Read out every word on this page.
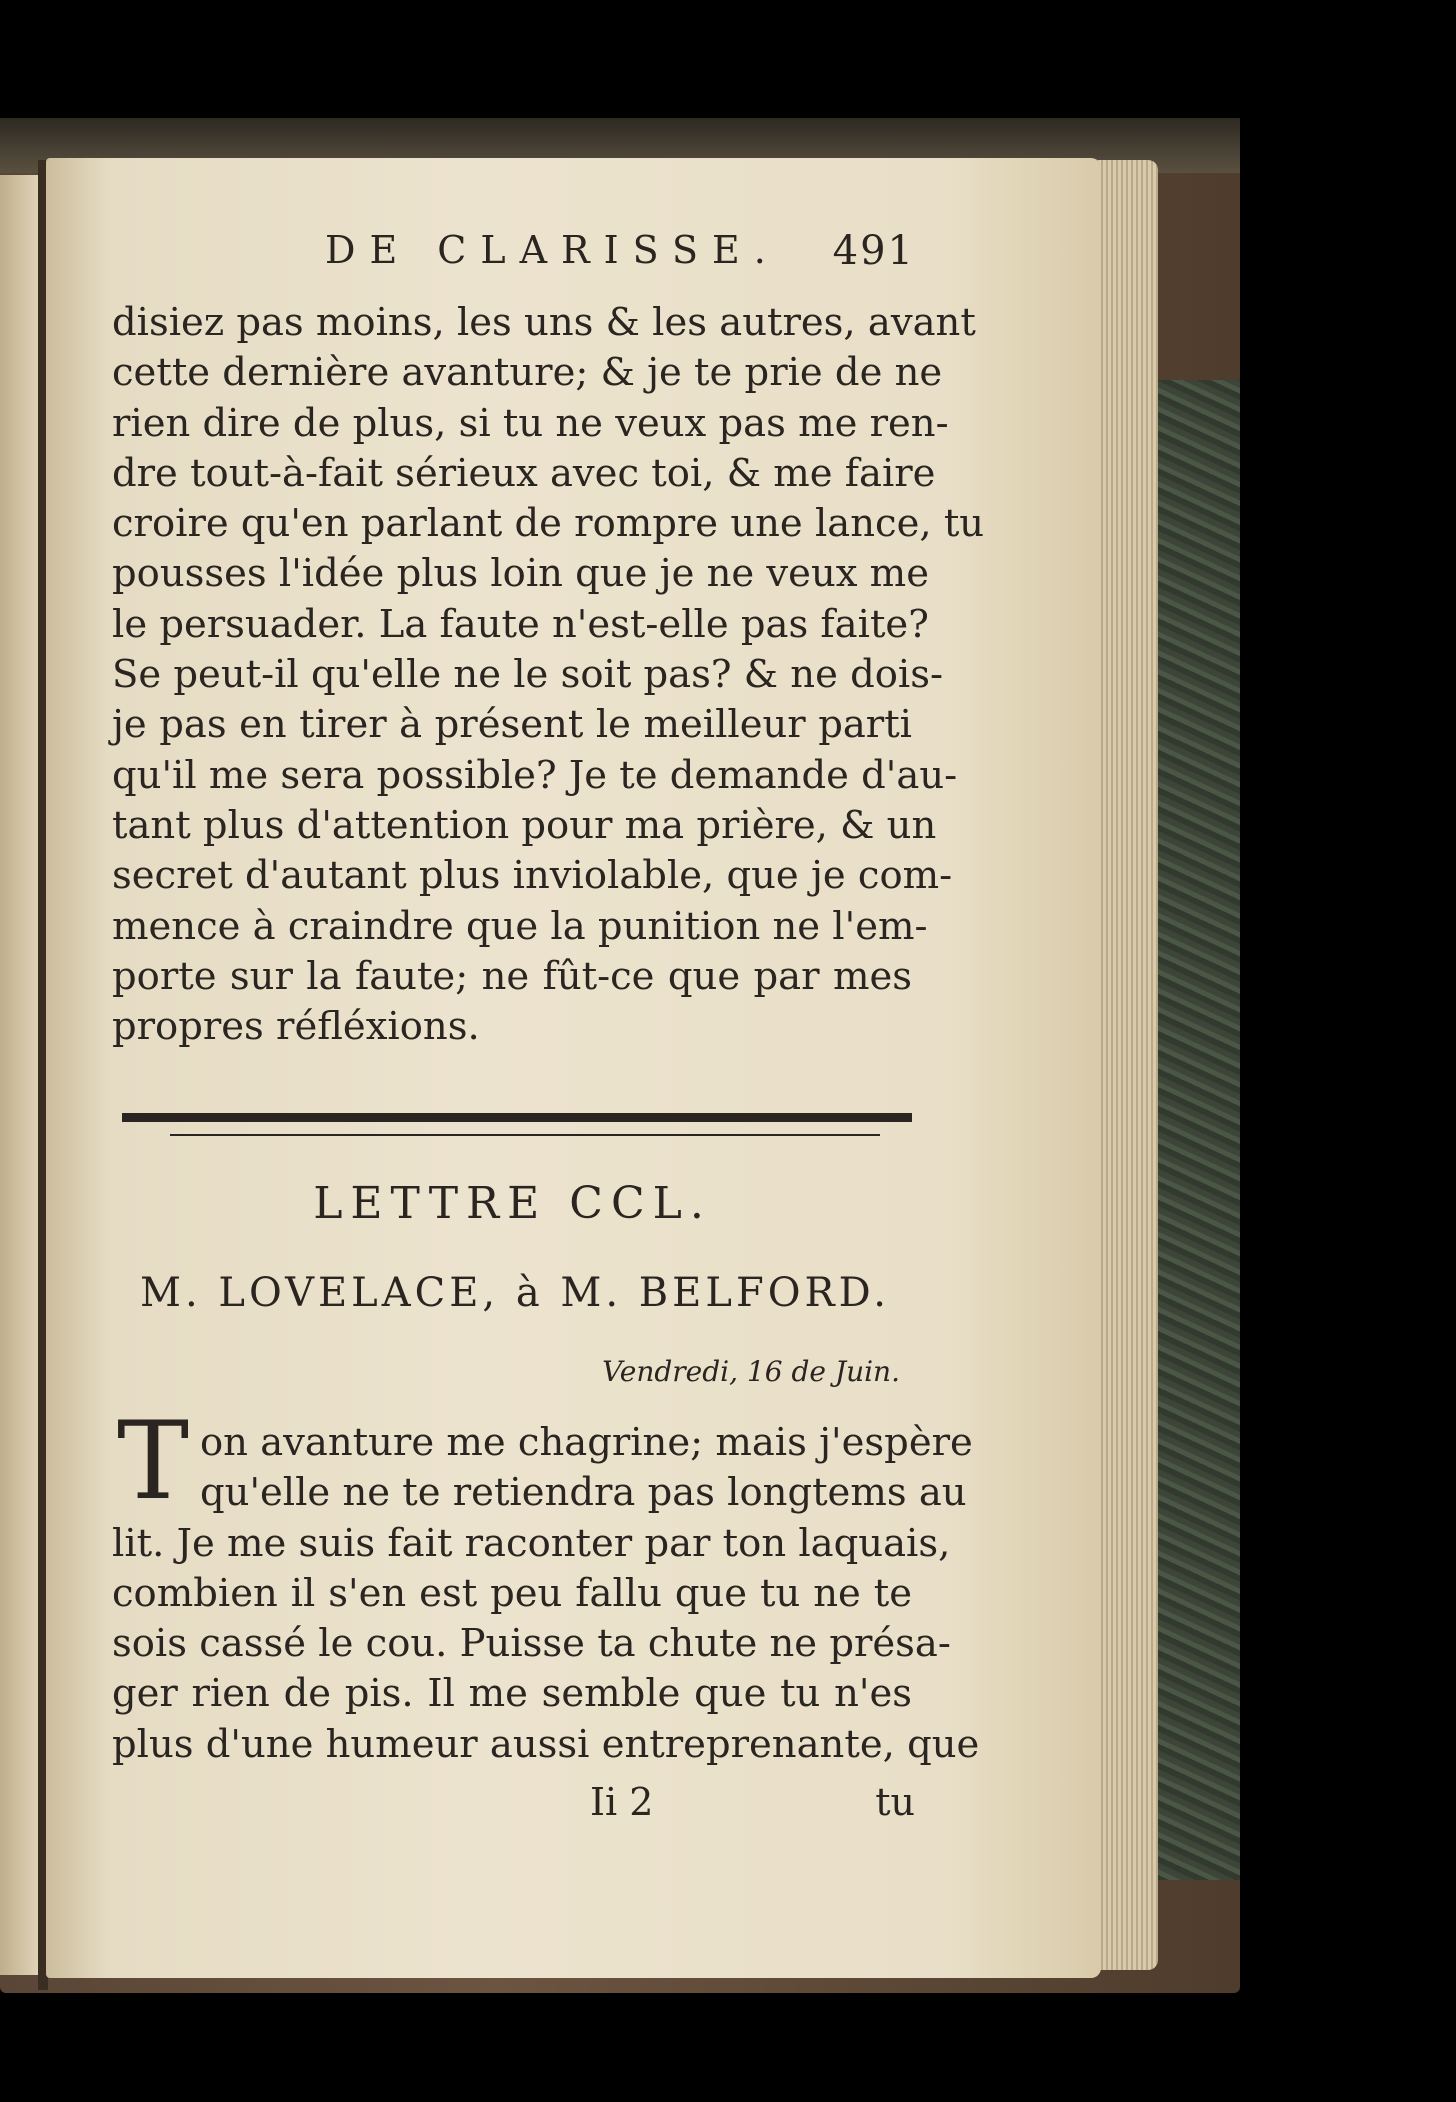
DE CLARISSE. 491
disiez pas moins, les uns & les autres, avant
cette dernière avanture; & je te prie de ne
rien dire de plus, si tu ne veux pas me ren-
dre tout-à-fait sérieux avec toi, & me faire
croire qu'en parlant de rompre une lance, tu
pousses l'idée plus loin que je ne veux me
le persuader. La faute n'est-elle pas faite?
Se peut-il qu'elle ne le soit pas? & ne dois-
je pas en tirer à présent le meilleur parti
qu'il me sera possible? Je te demande d'au-
tant plus d'attention pour ma prière, & un
secret d'autant plus inviolable, que je com-
mence à craindre que la punition ne l'em-
porte sur la faute; ne fût-ce que par mes
propres réfléxions.
LETTRE CCL.
M. LOVELACE, à M. BELFORD.
Vendredi, 16 de Juin.
T on avanture me chagrine; mais j'espère
qu'elle ne te retiendra pas longtems au
lit. Je me suis fait raconter par ton laquais,
combien il s'en est peu fallu que tu ne te
sois cassé le cou. Puisse ta chute ne présa-
ger rien de pis. Il me semble que tu n'es
plus d'une humeur aussi entreprenante, que
Ii 2	tu
